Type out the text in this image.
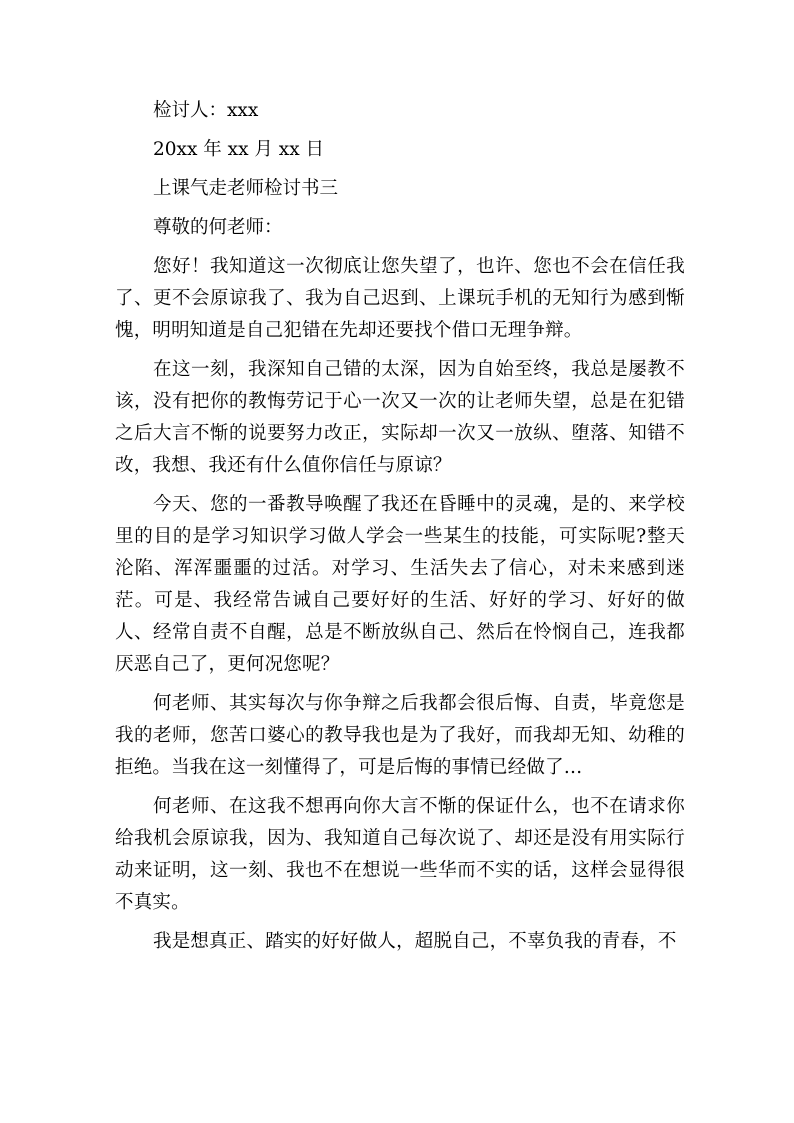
检讨人：xxx
20xx 年 xx 月 xx 日
上课气走老师检讨书三
尊敬的何老师：

您好！我知道这一次彻底让您失望了，也许、您也不会在信任我了、更不会原谅我了、我为自己迟到、上课玩手机的无知行为感到惭愧，明明知道是自己犯错在先却还要找个借口无理争辩。

在这一刻，我深知自己错的太深，因为自始至终，我总是屡教不该，没有把你的教悔劳记于心一次又一次的让老师失望，总是在犯错之后大言不惭的说要努力改正，实际却一次又一放纵、堕落、知错不改，我想、我还有什么值你信任与原谅？

今天、您的一番教导唤醒了我还在昏睡中的灵魂，是的、来学校里的目的是学习知识学习做人学会一些某生的技能，可实际呢?整天沦陷、浑浑噩噩的过活。对学习、生活失去了信心，对未来感到迷茫。可是、我经常告诫自己要好好的生活、好好的学习、好好的做人、经常自责不自醒，总是不断放纵自己、然后在怜悯自己，连我都厌恶自己了，更何况您呢？

何老师、其实每次与你争辩之后我都会很后悔、自责，毕竟您是我的老师，您苦口婆心的教导我也是为了我好，而我却无知、幼稚的拒绝。当我在这一刻懂得了，可是后悔的事情已经做了…

何老师、在这我不想再向你大言不惭的保证什么，也不在请求你给我机会原谅我，因为、我知道自己每次说了、却还是没有用实际行动来证明，这一刻、我也不在想说一些华而不实的话，这样会显得很不真实。

我是想真正、踏实的好好做人，超脱自己，不辜负我的青春，不
